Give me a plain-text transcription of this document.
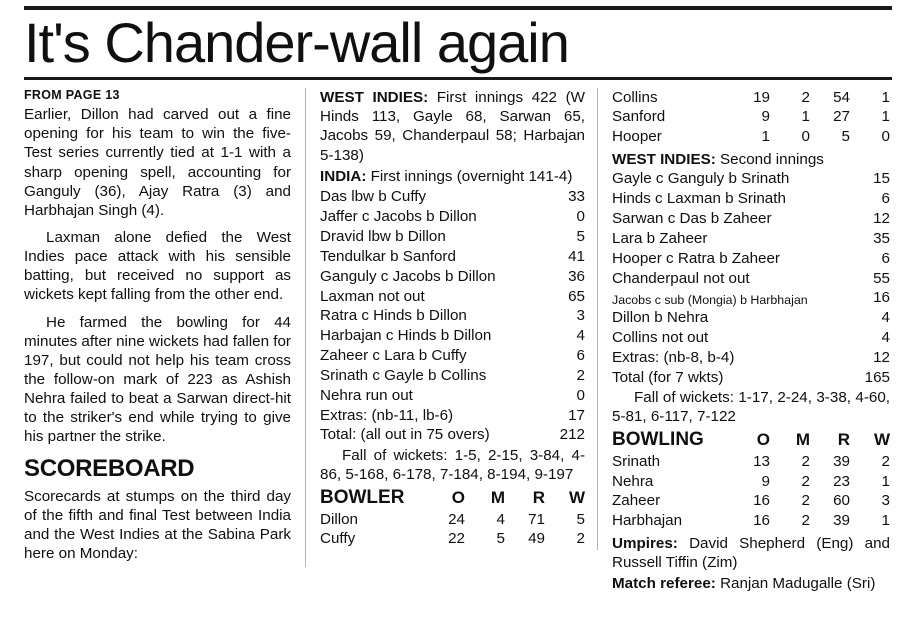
It's Chander-wall again
FROM PAGE 13

Earlier, Dillon had carved out a fine opening for his team to win the five-Test series currently tied at 1-1 with a sharp opening spell, accounting for Ganguly (36), Ajay Ratra (3) and Harbhajan Singh (4).

Laxman alone defied the West Indies pace attack with his sensible batting, but received no support as wickets kept falling from the other end.

He farmed the bowling for 44 minutes after nine wickets had fallen for 197, but could not help his team cross the follow-on mark of 223 as Ashish Nehra failed to beat a Sarwan direct-hit to the striker's end while trying to give his partner the strike.

SCOREBOARD

Scorecards at stumps on the third day of the fifth and final Test between India and the West Indies at the Sabina Park here on Monday:

WEST INDIES: First innings 422 (W Hinds 113, Gayle 68, Sarwan 65, Jacobs 59, Chanderpaul 58; Harbajan 5-138)
INDIA: First innings (overnight 141-4)
Das lbw b Cuffy	33
Jaffer c Jacobs b Dillon	0
Dravid lbw b Dillon	5
Tendulkar b Sanford	41
Ganguly c Jacobs b Dillon	36
Laxman not out	65
Ratra c Hinds b Dillon	3
Harbajan c Hinds b Dillon	4
Zaheer c Lara b Cuffy	6
Srinath c Gayle b Collins	2
Nehra run out	0
Extras: (nb-11, lb-6)	17
Total: (all out in 75 overs)	212
Fall of wickets: 1-5, 2-15, 3-84, 4-86, 5-168, 6-178, 7-184, 8-194, 9-197
BOWLER	O	M	R	W
Dillon	24	4	71	5
Cuffy	22	5	49	2
Collins	19	2	54	1
Sanford	9	1	27	1
Hooper	1	0	5	0
WEST INDIES: Second innings
Gayle c Ganguly b Srinath	15
Hinds c Laxman b Srinath	6
Sarwan c Das b Zaheer	12
Lara b Zaheer	35
Hooper c Ratra b Zaheer	6
Chanderpaul not out	55
Jacobs c sub (Mongia) b Harbhajan	16
Dillon b Nehra	4
Collins not out	4
Extras: (nb-8, b-4)	12
Total (for 7 wkts)	165
Fall of wickets: 1-17, 2-24, 3-38, 4-60, 5-81, 6-117, 7-122
BOWLING	O	M	R	W
Srinath	13	2	39	2
Nehra	9	2	23	1
Zaheer	16	2	60	3
Harbhajan	16	2	39	1
Umpires: David Shepherd (Eng) and Russell Tiffin (Zim)
Match referee: Ranjan Madugalle (Sri)
